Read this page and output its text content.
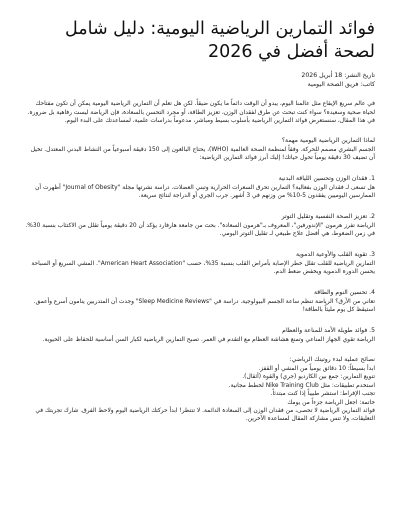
فوائد التمارين الرياضية اليومية: دليل شامل لصحة أفضل في 2026

تاريخ النشر: 18 أبريل 2026

كاتب: فريق الصحة اليومية

في عالم سريع الإيقاع مثل عالمنا اليوم، يبدو أن الوقت دائماً ما يكون ضيقاً. لكن هل تعلم أن التمارين الرياضية اليومية يمكن أن تكون مفتاحك لحياة صحية وسعيدة؟ سواء كنت تبحث عن طرق لفقدان الوزن، تعزيز الطاقة، أو مجرد التحسن بالسعادة، فإن الرياضة ليست رفاهية بل ضرورة. في هذا المقال، سنستعرض فوائد التمارين الرياضية بأسلوب بسيط ومباشر، مدعوماً بدراسات علمية، لمساعدتك على البدء اليوم.

لماذا التمارين الرياضية اليومية مهمة؟

الجسم البشري مصمم للحركة. وفقاً لمنظمة الصحة العالمية (WHO)، يحتاج البالغون إلى 150 دقيقة أسبوعياً من النشاط البدني المعتدل. تخيل أن تضيف 30 دقيقة يومياً تحول حياتك! إليك أبرز فوائد التمارين الرياضية:

1. فقدان الوزن وتحسين اللياقة البدنية

هل تسعى لـ فقدان الوزن بفعالية؟ التمارين تحرق السعرات الحرارية وتبني العضلات. دراسة نشرتها مجلة "Journal of Obesity" أظهرت أن الممارسين اليوميين يفقدون 5-10% من وزنهم في 3 أشهر. جرب الجري أو الدراجة لنتائج سريعة.

2. تعزيز الصحة النفسية وتقليل التوتر

الرياضة تفرز هرمون "الإندورفين"، المعروف بـ"هرمون السعادة". بحث من جامعة هارفارد يؤكد أن 20 دقيقة يومياً تقلل من الاكتئاب بنسبة 30%. في زمن الضغوط، هي أفضل علاج طبيعي لـ تقليل التوتر اليومي.

3. تقوية القلب والأوعية الدموية

التمارين الرياضية للقلب تقلل خطر الإصابة بأمراض القلب بنسبة 35%، حسب "American Heart Association". المشي السريع أو السباحة يحسن الدورة الدموية ويخفض ضغط الدم.

4. تحسين النوم والطاقة

تعاني من الأرق؟ الرياضة تنظم ساعة الجسم البيولوجية. دراسة في "Sleep Medicine Reviews" وجدت أن المتدربين ينامون أسرع وأعمق. استيقظ كل يوم مليئاً بالطاقة!

5. فوائد طويلة الأمد للمناعة والعظام

الرياضة تقوي الجهاز المناعي وتمنع هشاشة العظام مع التقدم في العمر. تصبح التمارين الرياضية لكبار السن أساسية للحفاظ على الحيوية.

نصائح عملية لبدء روتينك الرياضي:

ابدأ بسيطاً: 10 دقائق يومياً من المشي أو القفز.

تنويع التمارين: جمع بين الكارديو (جري) والقوة (أثقال).

استخدم تطبيقات: مثل Nike Training Club لخطط مجانية.

تجنب الإفراط: استشر طبيباً إذا كنت مبتدئاً.

خاتمة: اجعل الرياضة جزءاً من يومك

فوائد التمارين الرياضية لا تحصى، من فقدان الوزن إلى السعادة الدائمة. لا تنتظر! ابدأ حركتك الرياضية اليوم ولاحظ الفرق. شارك تجربتك في التعليقات، ولا تنس مشاركة المقال لمساعدة الآخرين.
